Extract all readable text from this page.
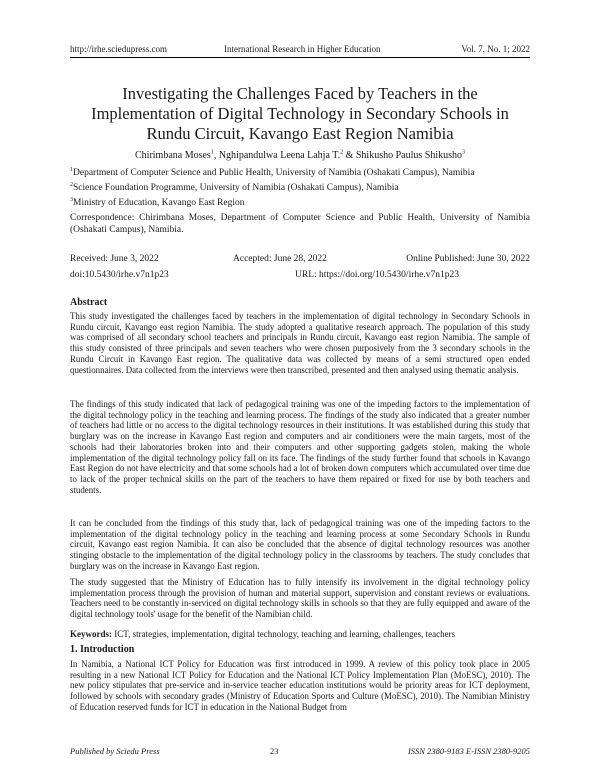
http://irhe.sciedupress.com	International Research in Higher Education	Vol. 7, No. 1; 2022
Investigating the Challenges Faced by Teachers in the Implementation of Digital Technology in Secondary Schools in Rundu Circuit, Kavango East Region Namibia
Chirimbana Moses$^1$, Nghipandulwa Leena Lahja T.$^2$ & Shikusho Paulus Shikusho$^3$

$^1$Department of Computer Science and Public Health, University of Namibia (Oshakati Campus), Namibia

$^2$Science Foundation Programme, University of Namibia (Oshakati Campus), Namibia

$^3$Ministry of Education, Kavango East Region

Correspondence: Chirimbana Moses, Department of Computer Science and Public Health, University of Namibia (Oshakati Campus), Namibia.

Received: June 3, 2022	Accepted: June 28, 2022	Online Published: June 30, 2022
doi:10.5430/irhe.v7n1p23	URL: https://doi.org/10.5430/irhe.v7n1p23
Abstract

This study investigated the challenges faced by teachers in the implementation of digital technology in Secondary Schools in Rundu circuit, Kavango east region Namibia. The study adopted a qualitative research approach. The population of this study was comprised of all secondary school teachers and principals in Rundu circuit, Kavango east region Namibia. The sample of this study consisted of three principals and seven teachers who were chosen purposively from the 3 secondary schools in the Rundu Circuit in Kavango East region. The qualitative data was collected by means of a semi structured open ended questionnaires. Data collected from the interviews were then transcribed, presented and then analysed using thematic analysis.

The findings of this study indicated that lack of pedagogical training was one of the impeding factors to the implementation of the digital technology policy in the teaching and learning process. The findings of the study also indicated that a greater number of teachers had little or no access to the digital technology resources in their institutions. It was established during this study that burglary was on the increase in Kavango East region and computers and air conditioners were the main targets, most of the schools had their laboratories broken into and their computers and other supporting gadgets stolen, making the whole implementation of the digital technology policy fall on its face. The findings of the study further found that schools in Kavango East Region do not have electricity and that some schools had a lot of broken down computers which accumulated over time due to lack of the proper technical skills on the part of the teachers to have them repaired or fixed for use by both teachers and students.

It can be concluded from the findings of this study that, lack of pedagogical training was one of the impeding factors to the implementation of the digital technology policy in the teaching and learning process at some Secondary Schools in Rundu circuit, Kavango east region Namibia. It can also be concluded that the absence of digital technology resources was another stinging obstacle to the implementation of the digital technology policy in the classrooms by teachers. The study concludes that burglary was on the increase in Kavango East region.

The study suggested that the Ministry of Education has to fully intensify its involvement in the digital technology policy implementation process through the provision of human and material support, supervision and constant reviews or evaluations. Teachers need to be constantly in-serviced on digital technology skills in schools so that they are fully equipped and aware of the digital technology tools' usage for the benefit of the Namibian child.

Keywords: ICT, strategies, implementation, digital technology, teaching and learning, challenges, teachers

1. Introduction

In Namibia, a National ICT Policy for Education was first introduced in 1999. A review of this policy took place in 2005 resulting in a new National ICT Policy for Education and the National ICT Policy Implementation Plan (MoESC), 2010). The new policy stipulates that pre-service and in-service teacher education institutions would be priority areas for ICT deployment, followed by schools with secondary grades (Ministry of Education Sports and Culture (MoESC), 2010). The Namibian Ministry of Education reserved funds for ICT in education in the National Budget from

Published by Sciedu Press	23	ISSN 2380-9183 E-ISSN 2380-9205
